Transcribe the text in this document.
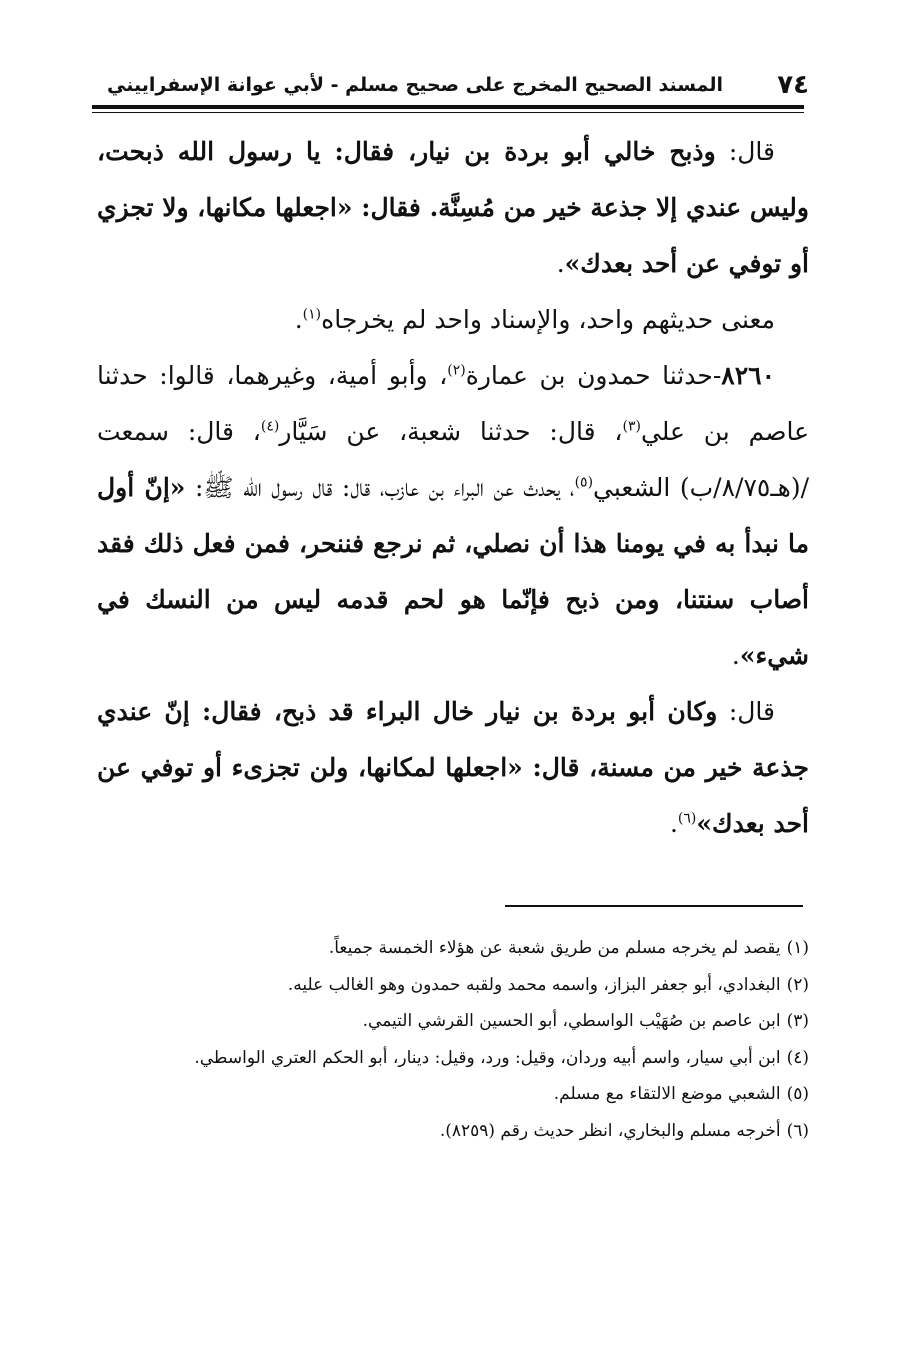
٧٤
المسند الصحيح المخرج على صحيح مسلم - لأبي عوانة الإسفراييني

قال: وذبح خالي أبو بردة بن نيار، فقال: يا رسول الله ذبحت، وليس عندي إلا جذعة خير من مُسِنَّة. فقال: «اجعلها مكانها، ولا تجزي أو توفي عن أحد بعدك».

معنى حديثهم واحد، والإسناد واحد لم يخرجاه$^{(١)}$.

٨٢٦٠-حدثنا حمدون بن عمارة$^{(٢)}$، وأبو أمية، وغيرهما، قالوا: حدثنا عاصم بن علي$^{(٣)}$، قال: حدثنا شعبة، عن سَيَّار$^{(٤)}$، قال: سمعت /(هـ٨/٧٥/ب) الشعبي$^{(٥)}$، يحدث عن البراء بن عازب، قال: قال رسول الله ﷺ: «إنّ أول ما نبدأ به في يومنا هذا أن نصلي، ثم نرجع فننحر، فمن فعل ذلك فقد أصاب سنتنا، ومن ذبح فإنّما هو لحم قدمه ليس من النسك في شيء».

قال: وكان أبو بردة بن نيار خال البراء قد ذبح، فقال: إنّ عندي جذعة خير من مسنة، قال: «اجعلها لمكانها، ولن تجزىء أو توفي عن أحد بعدك»$^{(٦)}$.

(١)يقصد لم يخرجه مسلم من طريق شعبة عن هؤلاء الخمسة جميعاً.

(٢)البغدادي، أبو جعفر البزاز، واسمه محمد ولقبه حمدون وهو الغالب عليه.

(٣)ابن عاصم بن صُهَيْب الواسطي، أبو الحسين القرشي التيمي.

(٤)ابن أبي سيار، واسم أبيه وردان، وقيل: ورد، وقيل: دينار، أبو الحكم العتري الواسطي.

(٥)الشعبي موضع الالتقاء مع مسلم.

(٦)أخرجه مسلم والبخاري، انظر حديث رقم (٨٢٥٩).
